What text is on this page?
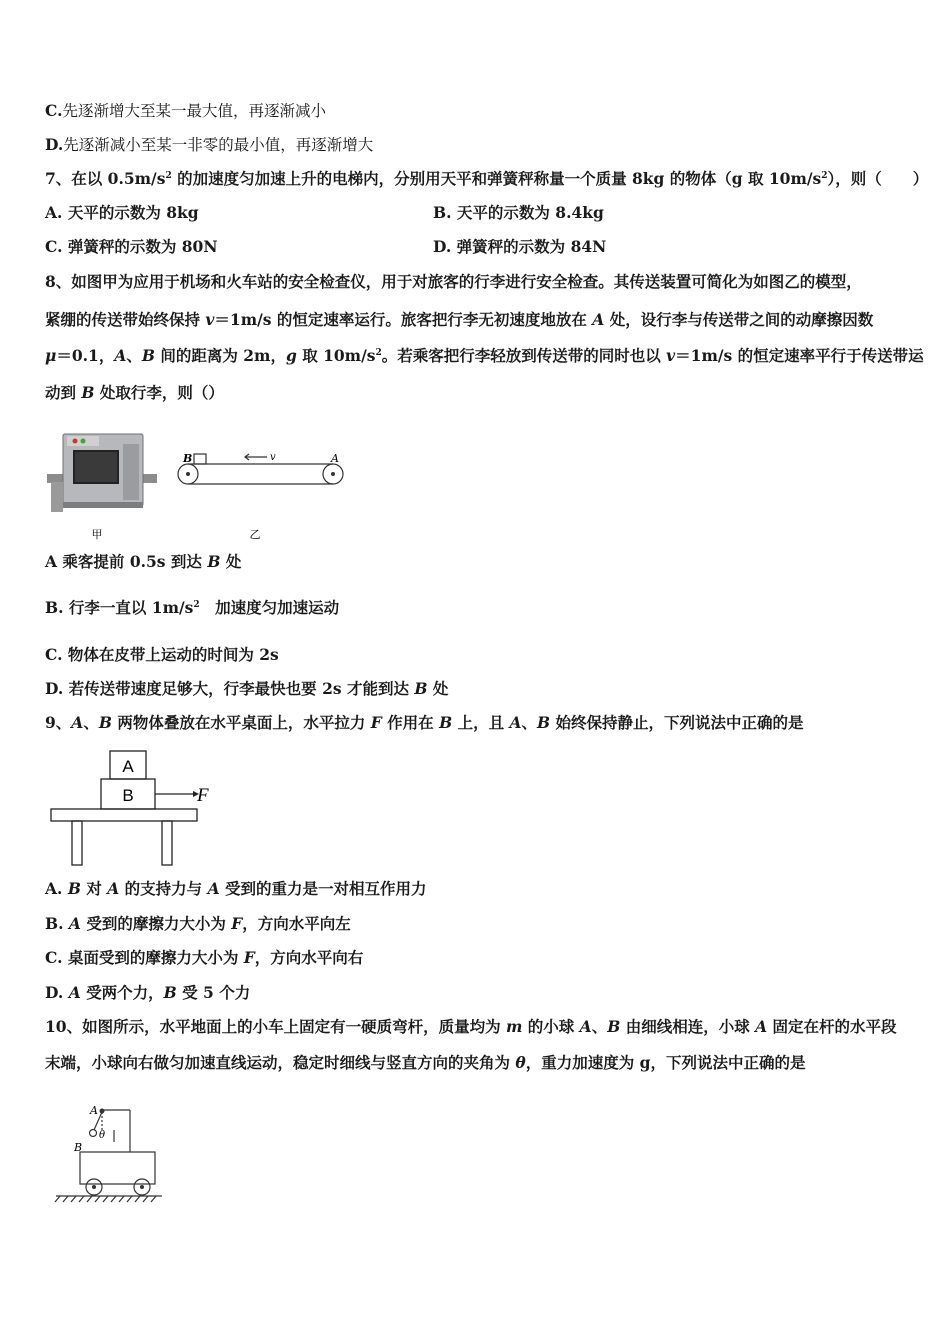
C.先逐渐增大至某一最大值，再逐渐减小
D.先逐渐减小至某一非零的最小值，再逐渐增大
7、在以 $0.5m/s^2$ 的加速度匀加速上升的电梯内，分别用天平和弹簧秤称量一个质量 8kg 的物体（g 取 $10m/s^2$），则（　　）
A. 天平的示数为 8kg	B. 天平的示数为 8.4kg
C. 弹簧秤的示数为 80N	D. 弹簧秤的示数为 84N
8、如图甲为应用于机场和火车站的安全检查仪，用于对旅客的行李进行安全检查。其传送装置可简化为如图乙的模型，
紧绷的传送带始终保持 v＝1m/s 的恒定速率运行。旅客把行李无初速度地放在 A 处，设行李与传送带之间的动摩擦因数
μ＝0.1，A、B 间的距离为 2m，g 取 $10m/s^2$。若乘客把行李轻放到传送带的同时也以 v＝1m/s 的恒定速率平行于传送带运
动到 B 处取行李，则（）
甲
B	A
v
乙
A 乘客提前 0.5s 到达 B 处
B. 行李一直以 $1m/s^2$　加速度匀加速运动
C. 物体在皮带上运动的时间为 2s
D. 若传送带速度足够大，行李最快也要 2s 才能到达 B 处
9、A、B 两物体叠放在水平桌面上，水平拉力 F 作用在 B 上，且 A、B 始终保持静止，下列说法中正确的是
A
B	F
A. B 对 A 的支持力与 A 受到的重力是一对相互作用力
B. A 受到的摩擦力大小为 F，方向水平向左
C. 桌面受到的摩擦力大小为 F，方向水平向右
D. A 受两个力，B 受 5 个力
10、如图所示，水平地面上的小车上固定有一硬质弯杆，质量均为 m 的小球 A、B 由细线相连，小球 A 固定在杆的水平段
末端，小球向右做匀加速直线运动，稳定时细线与竖直方向的夹角为 θ，重力加速度为 g，下列说法中正确的是
A
B
θ
